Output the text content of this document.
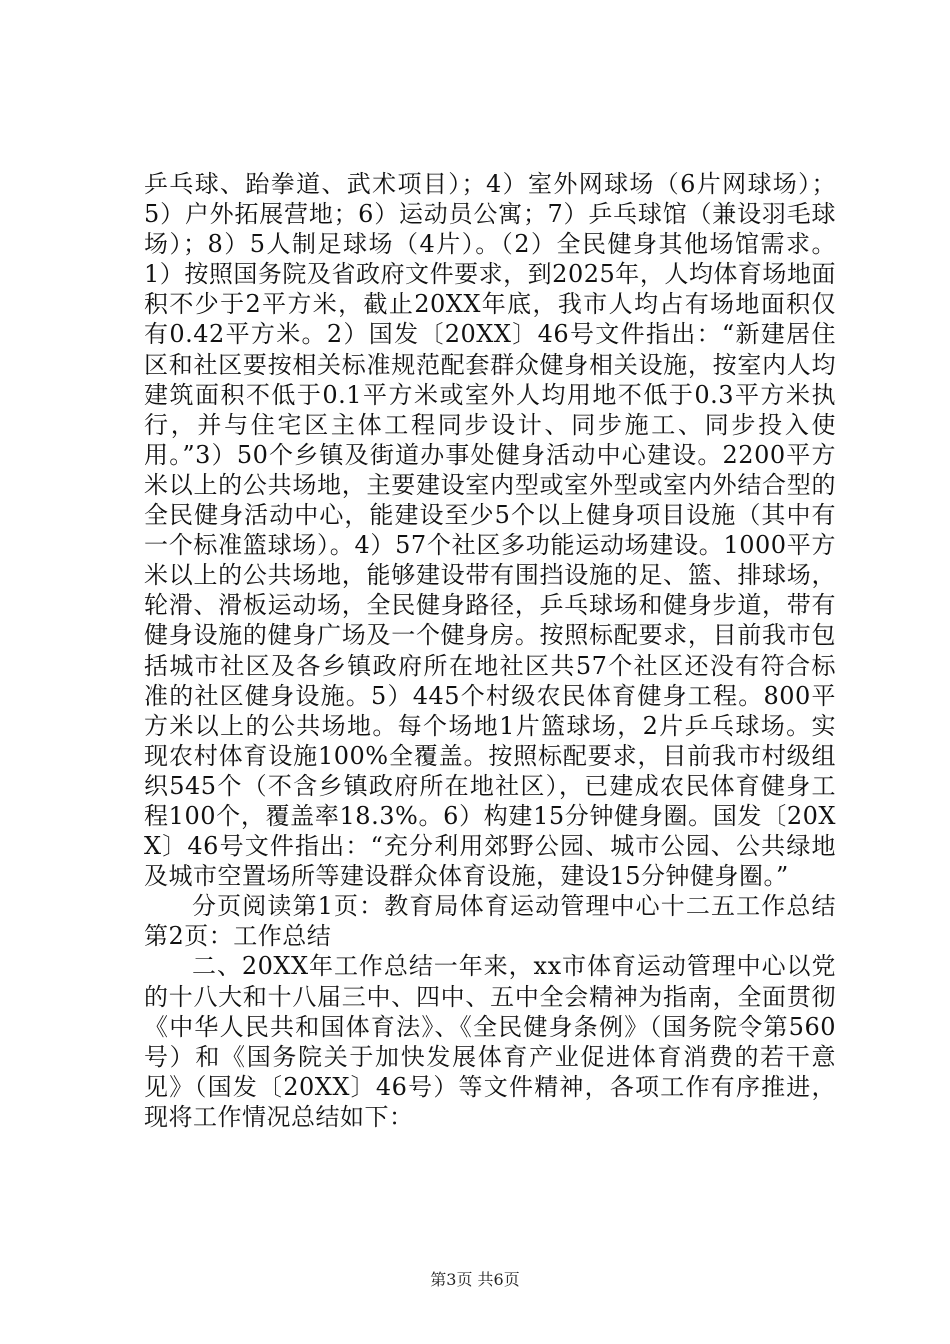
乒乓球、跆拳道、武术项目）；4）室外网球场（6片网球场）；5）户外拓展营地；6）运动员公寓；7）乒乓球馆（兼设羽毛球场）；8）5人制足球场（4片）。（2）全民健身其他场馆需求。1）按照国务院及省政府文件要求，到2025年，人均体育场地面积不少于2平方米，截止20XX年底，我市人均占有场地面积仅有0.42平方米。2）国发〔20XX〕46号文件指出：“新建居住区和社区要按相关标准规范配套群众健身相关设施，按室内人均建筑面积不低于0.1平方米或室外人均用地不低于0.3平方米执行，并与住宅区主体工程同步设计、同步施工、同步投入使用。”3）50个乡镇及街道办事处健身活动中心建设。2200平方米以上的公共场地，主要建设室内型或室外型或室内外结合型的全民健身活动中心，能建设至少5个以上健身项目设施（其中有一个标准篮球场）。4）57个社区多功能运动场建设。1000平方米以上的公共场地，能够建设带有围挡设施的足、篮、排球场，轮滑、滑板运动场，全民健身路径，乒乓球场和健身步道，带有健身设施的健身广场及一个健身房。按照标配要求，目前我市包括城市社区及各乡镇政府所在地社区共57个社区还没有符合标准的社区健身设施。5）445个村级农民体育健身工程。800平方米以上的公共场地。每个场地1片篮球场，2片乒乓球场。实现农村体育设施100%全覆盖。按照标配要求，目前我市村级组织545个（不含乡镇政府所在地社区），已建成农民体育健身工程100个，覆盖率18.3%。6）构建15分钟健身圈。国发〔20XX〕46号文件指出：“充分利用郊野公园、城市公园、公共绿地及城市空置场所等建设群众体育设施，建设15分钟健身圈。”

分页阅读第1页：教育局体育运动管理中心十二五工作总结第2页：工作总结

二、20XX年工作总结一年来，xx市体育运动管理中心以党的十八大和十八届三中、四中、五中全会精神为指南，全面贯彻《中华人民共和国体育法》、《全民健身条例》（国务院令第560号）和《国务院关于加快发展体育产业促进体育消费的若干意见》（国发〔20XX〕46号）等文件精神，各项工作有序推进，现将工作情况总结如下：

第3页 共6页
